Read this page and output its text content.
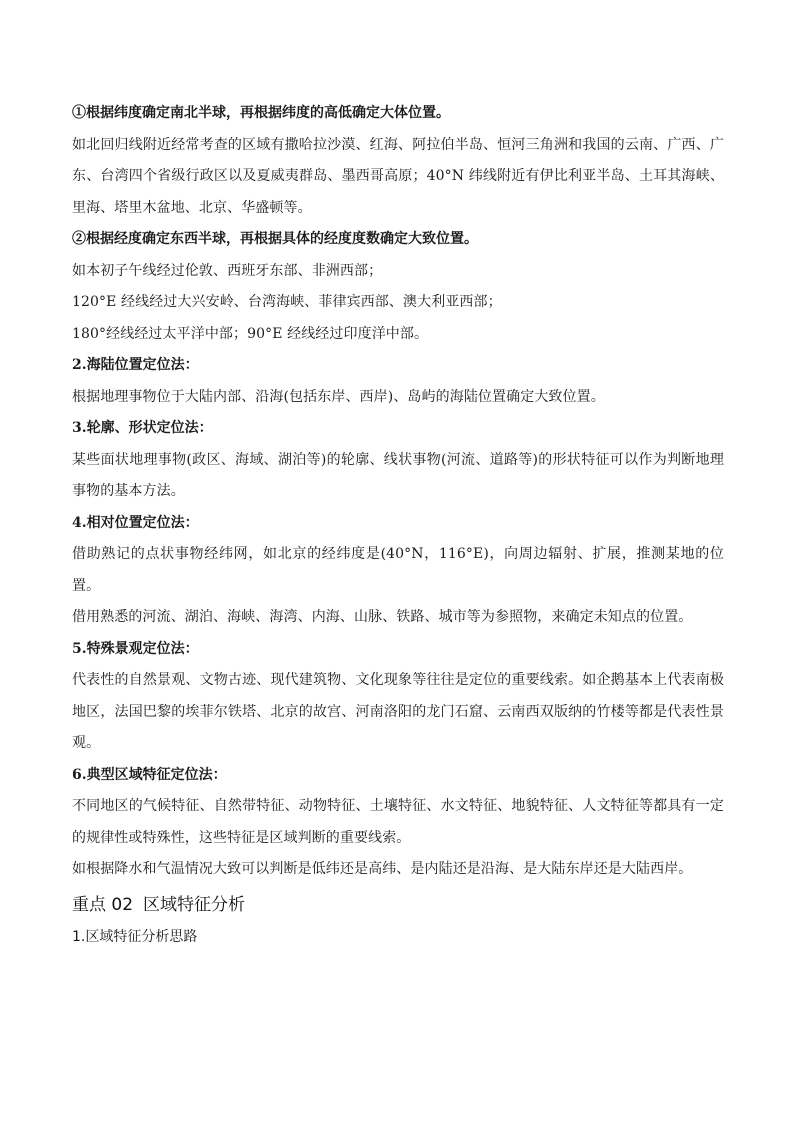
①根据纬度确定南北半球，再根据纬度的高低确定大体位置。

如北回归线附近经常考查的区域有撒哈拉沙漠、红海、阿拉伯半岛、恒河三角洲和我国的云南、广西、广东、台湾四个省级行政区以及夏威夷群岛、墨西哥高原；40°N 纬线附近有伊比利亚半岛、土耳其海峡、里海、塔里木盆地、北京、华盛顿等。

②根据经度确定东西半球，再根据具体的经度度数确定大致位置。

如本初子午线经过伦敦、西班牙东部、非洲西部；

120°E 经线经过大兴安岭、台湾海峡、菲律宾西部、澳大利亚西部；

180°经线经过太平洋中部；90°E 经线经过印度洋中部。

2.海陆位置定位法：

根据地理事物位于大陆内部、沿海(包括东岸、西岸)、岛屿的海陆位置确定大致位置。

3.轮廓、形状定位法：

某些面状地理事物(政区、海域、湖泊等)的轮廓、线状事物(河流、道路等)的形状特征可以作为判断地理事物的基本方法。

4.相对位置定位法：

借助熟记的点状事物经纬网，如北京的经纬度是(40°N，116°E)，向周边辐射、扩展，推测某地的位置。

借用熟悉的河流、湖泊、海峡、海湾、内海、山脉、铁路、城市等为参照物，来确定未知点的位置。

5.特殊景观定位法：

代表性的自然景观、文物古迹、现代建筑物、文化现象等往往是定位的重要线索。如企鹅基本上代表南极地区，法国巴黎的埃菲尔铁塔、北京的故宫、河南洛阳的龙门石窟、云南西双版纳的竹楼等都是代表性景观。

6.典型区域特征定位法：

不同地区的气候特征、自然带特征、动物特征、土壤特征、水文特征、地貌特征、人文特征等都具有一定的规律性或特殊性，这些特征是区域判断的重要线索。

如根据降水和气温情况大致可以判断是低纬还是高纬、是内陆还是沿海、是大陆东岸还是大陆西岸。

重点 02 区域特征分析

1.区域特征分析思路
